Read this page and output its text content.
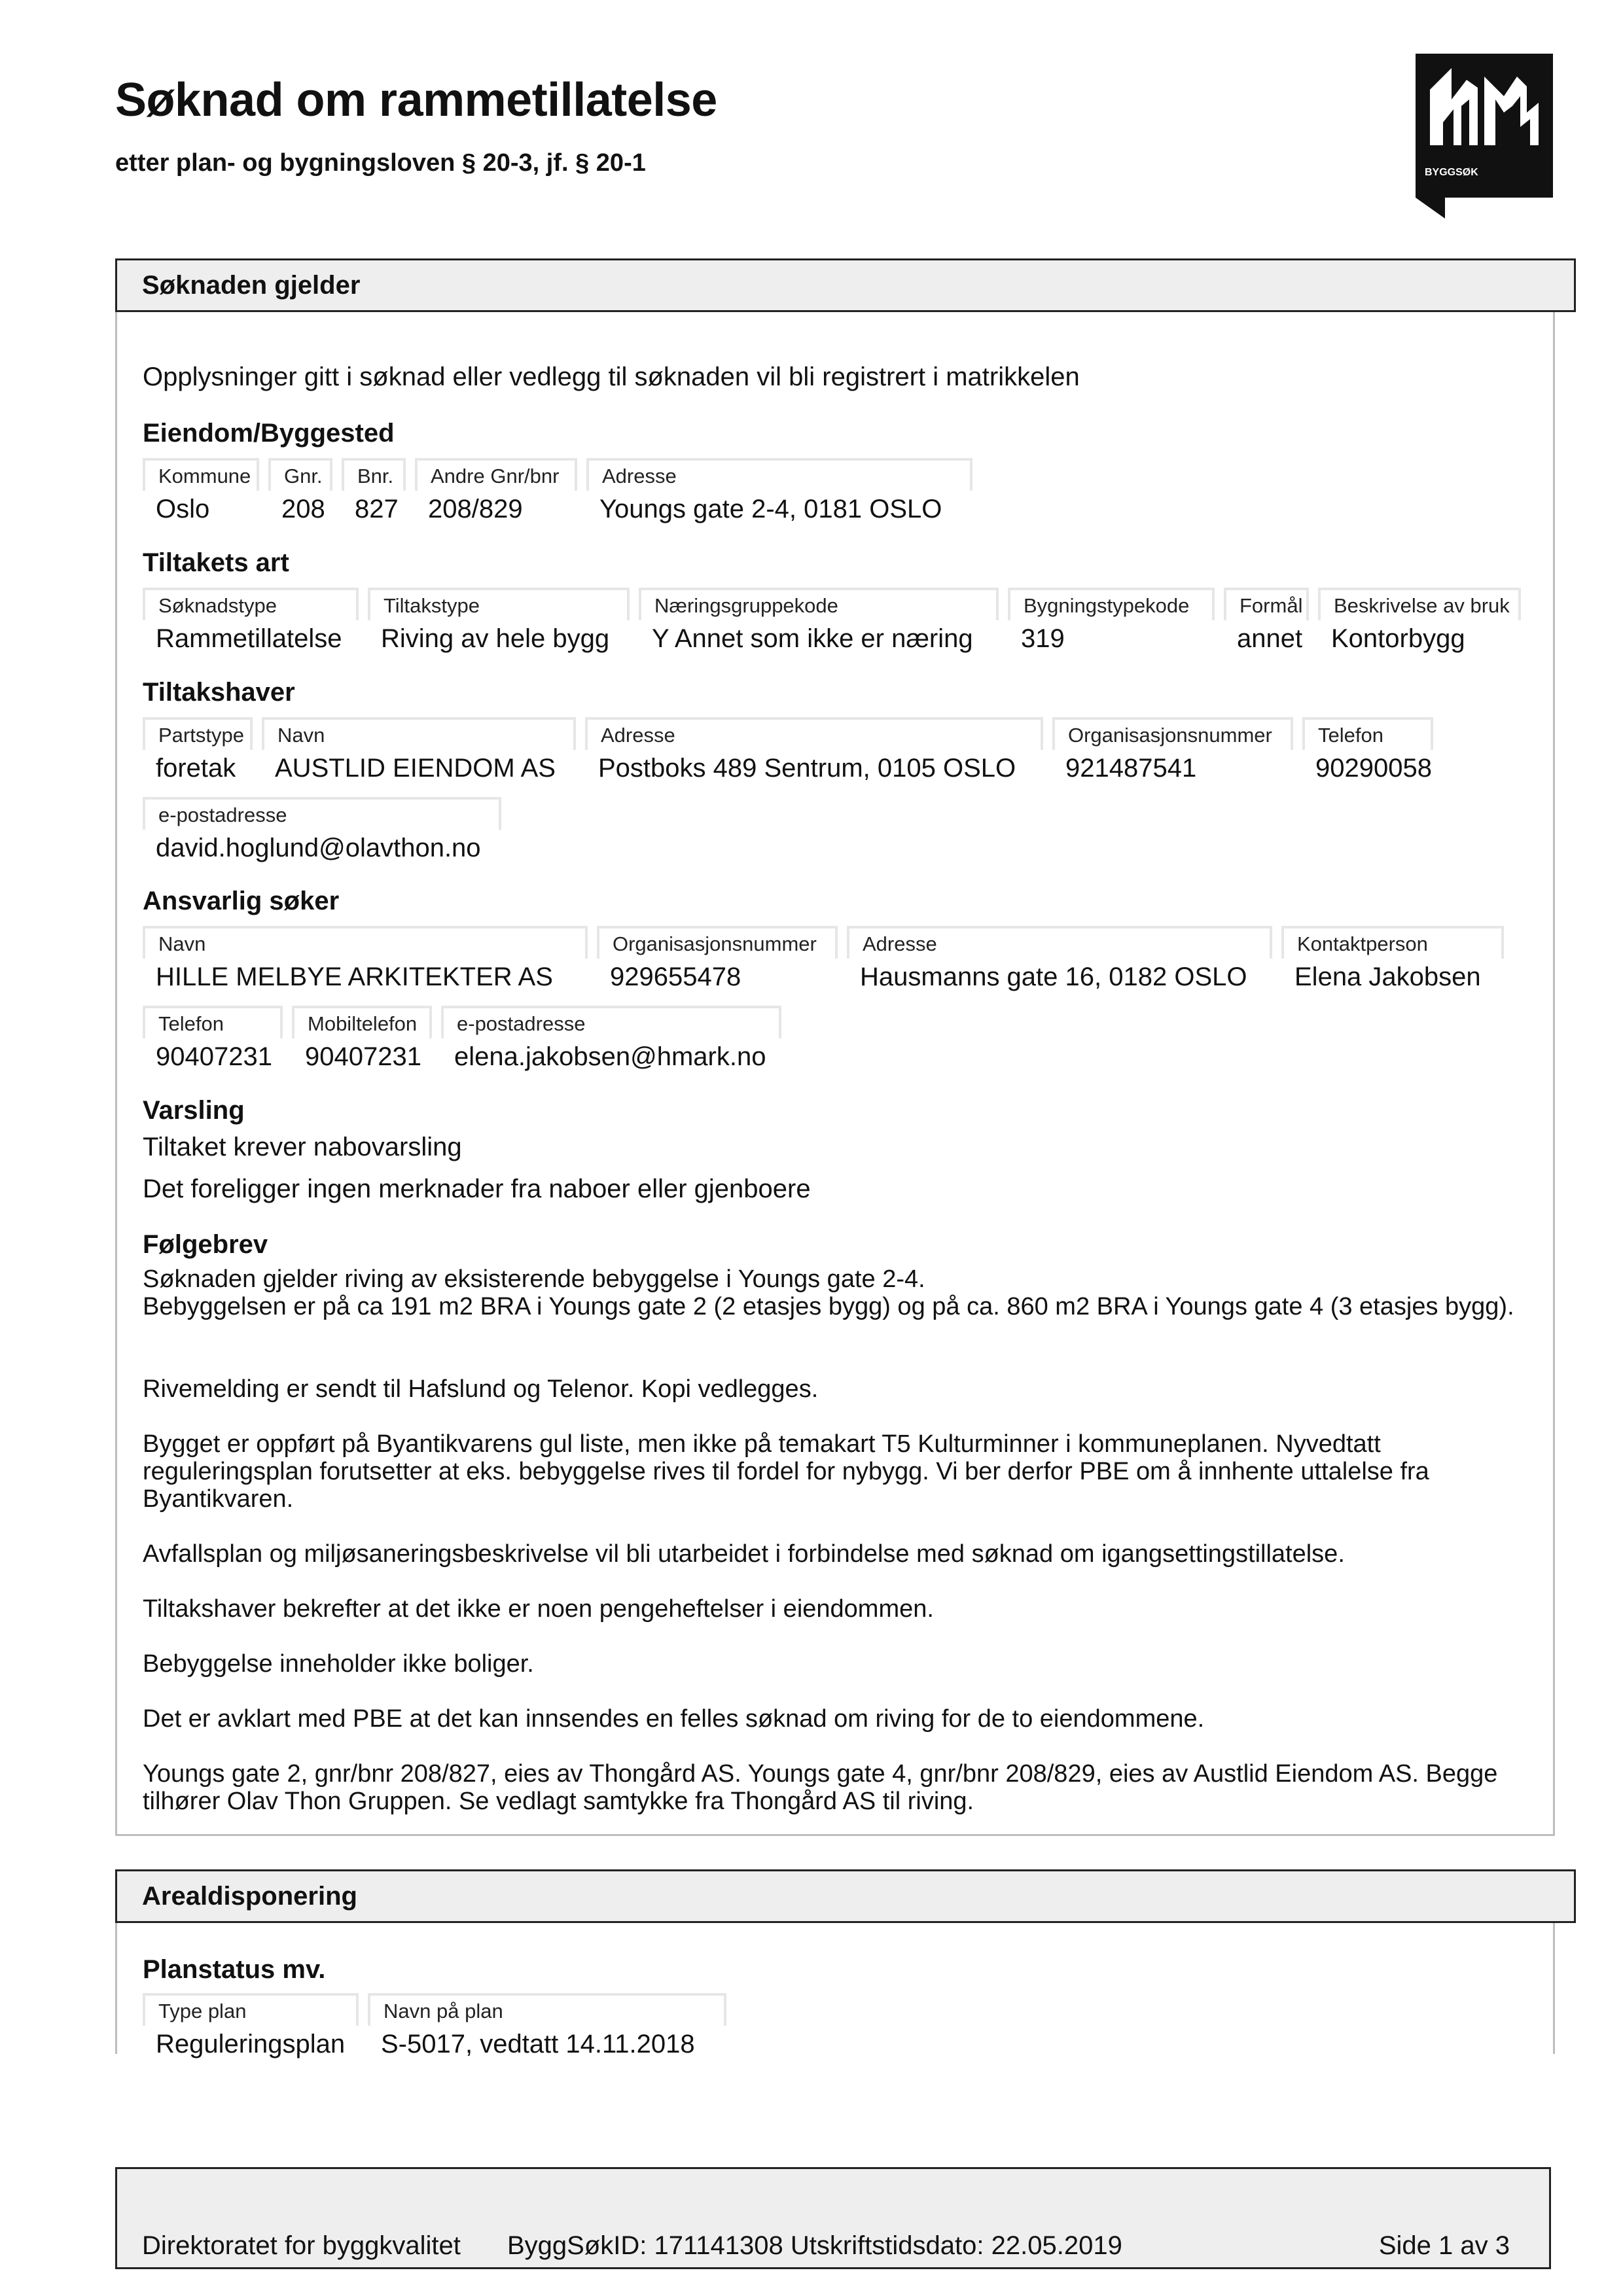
Søknad om rammetillatelse
etter plan- og bygningsloven § 20-3, jf. § 20-1	BYGGSØK
Søknaden gjelder
Opplysninger gitt i søknad eller vedlegg til søknaden vil bli registrert i matrikkelen
Eiendom/Byggested
Kommune
Oslo
Gnr.
208
Bnr.
827
Andre Gnr/bnr
208/829
Adresse
Youngs gate 2-4, 0181 OSLO
Tiltakets art
Søknadstype
Rammetillatelse
Tiltakstype
Riving av hele bygg
Næringsgruppekode
Y Annet som ikke er næring
Bygningstypekode
319
Formål
annet
Beskrivelse av bruk
Kontorbygg
Tiltakshaver
Partstype
foretak
Navn
AUSTLID EIENDOM AS
Adresse
Postboks 489 Sentrum, 0105 OSLO
Organisasjonsnummer
921487541
Telefon
90290058
e-postadresse
david.hoglund@olavthon.no
Ansvarlig søker
Navn
HILLE MELBYE ARKITEKTER AS
Organisasjonsnummer
929655478
Adresse
Hausmanns gate 16, 0182 OSLO
Kontaktperson
Elena Jakobsen
Telefon
90407231
Mobiltelefon
90407231
e-postadresse
elena.jakobsen@hmark.no
Varsling
Tiltaket krever nabovarsling
Det foreligger ingen merknader fra naboer eller gjenboere
Følgebrev
Søknaden gjelder riving av eksisterende bebyggelse i Youngs gate 2-4.
Bebyggelsen er på ca 191 m2 BRA i Youngs gate 2 (2 etasjes bygg) og på ca. 860 m2 BRA i Youngs gate 4 (3 etasjes bygg).
Rivemelding er sendt til Hafslund og Telenor. Kopi vedlegges.
Bygget er oppført på Byantikvarens gul liste, men ikke på temakart T5 Kulturminner i kommuneplanen. Nyvedtatt reguleringsplan forutsetter at eks. bebyggelse rives til fordel for nybygg. Vi ber derfor PBE om å innhente uttalelse fra Byantikvaren.
Avfallsplan og miljøsaneringsbeskrivelse vil bli utarbeidet i forbindelse med søknad om igangsettingstillatelse.
Tiltakshaver bekrefter at det ikke er noen pengeheftelser i eiendommen.
Bebyggelse inneholder ikke boliger.
Det er avklart med PBE at det kan innsendes en felles søknad om riving for de to eiendommene.
Youngs gate 2, gnr/bnr 208/827, eies av Thongård AS. Youngs gate 4, gnr/bnr 208/829, eies av Austlid Eiendom AS. Begge tilhører Olav Thon Gruppen. Se vedlagt samtykke fra Thongård AS til riving.
Arealdisponering
Planstatus mv.
Type plan
Reguleringsplan
Navn på plan
S-5017, vedtatt 14.11.2018
Direktoratet for byggkvalitet ByggSøkID: 171141308 Utskriftstidsdato: 22.05.2019	Side 1 av 3
